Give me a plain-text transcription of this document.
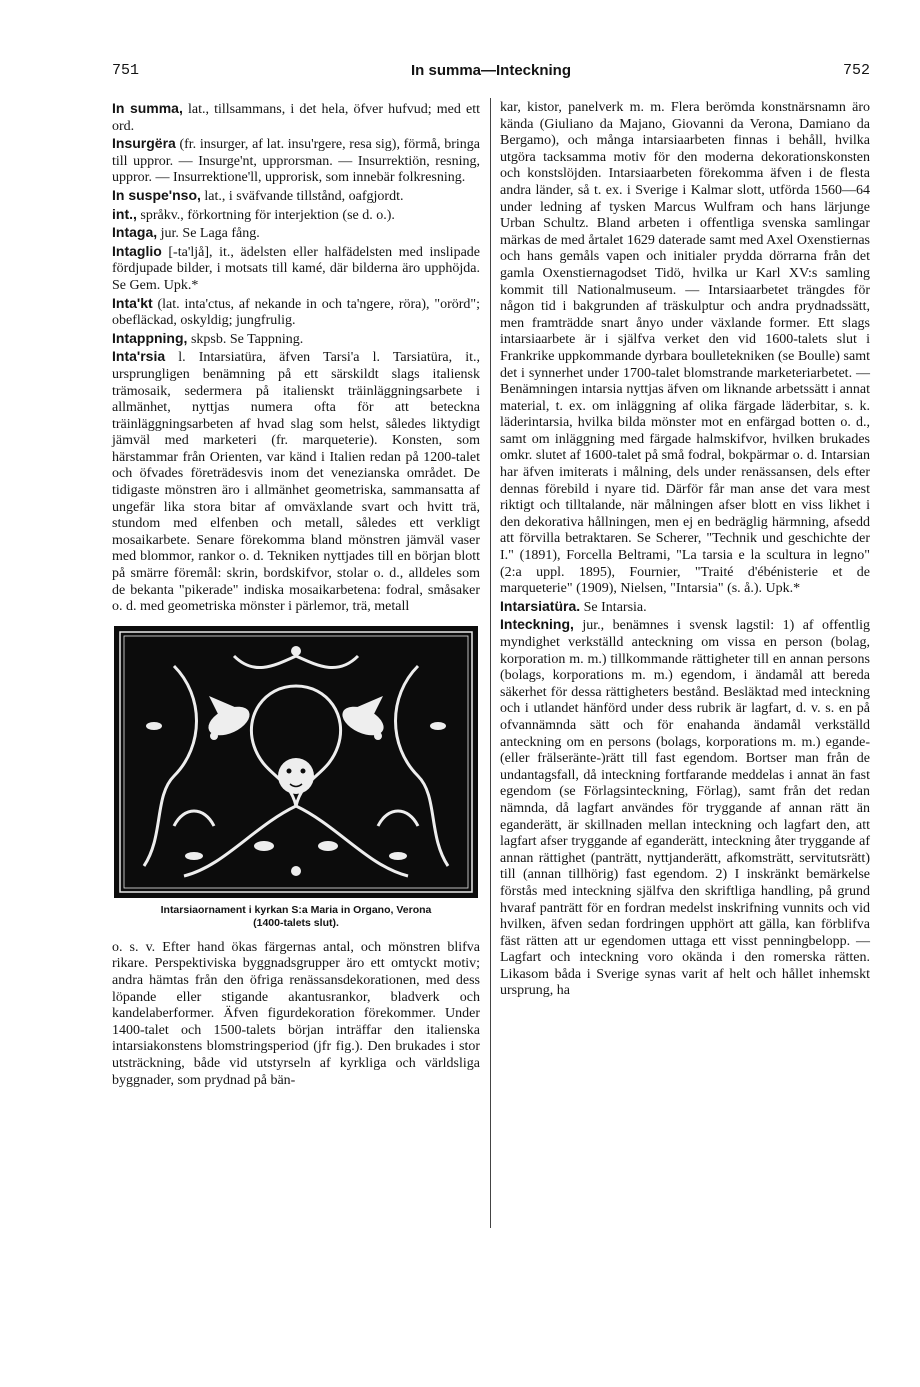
751	In summa—Inteckning	752

In summa, lat., tillsammans, i det hela, öfver hufvud; med ett ord.

Insurgëra (fr. insurger, af lat. insu'rgere, resa sig), förmå, bringa till uppror. — Insurge'nt, upprorsman. — Insurrektiön, resning, uppror. — Insurrektione'll, upprorisk, som innebär folkresning.

In suspe'nso, lat., i sväfvande tillstånd, oafgjordt.

int., språkv., förkortning för interjektion (se d. o.).

Intaga, jur. Se Laga fång.

Intaglio [-ta'ljå], it., ädelsten eller halfädelsten med inslipade fördjupade bilder, i motsats till kamé, där bilderna äro upphöjda. Se Gem. Upk.*

Inta'kt (lat. inta'ctus, af nekande in och ta'ngere, röra), "orörd"; obefläckad, oskyldig; jungfrulig.

Intappning, skpsb. Se Tappning.

Inta'rsia l. Intarsiatüra, äfven Tarsi'a l. Tarsiatüra, it., ursprungligen benämning på ett särskildt slags italiensk trämosaik, sedermera på italienskt träinläggningsarbete i allmänhet, nyttjas numera ofta för att beteckna träinläggningsarbeten af hvad slag som helst, således liktydigt jämväl med marketeri (fr. marqueterie). Konsten, som härstammar från Orienten, var känd i Italien redan på 1200-talet och öfvades företrädesvis inom det venezianska området. De tidigaste mönstren äro i allmänhet geometriska, sammansatta af ungefär lika stora bitar af omväxlande svart och hvitt trä, stundom med elfenben och metall, således ett verkligt mosaikarbete. Senare förekomma bland mönstren jämväl vaser med blommor, rankor o. d. Tekniken nyttjades till en början blott på smärre föremål: skrin, bordskifvor, stolar o. d., alldeles som de bekanta "pikerade" indiska mosaikarbetena: fodral, småsaker o. d. med geometriska mönster i pärlemor, trä, metall

Intarsiaornament i kyrkan S:a Maria in Organo, Verona
(1400-talets slut).

o. s. v. Efter hand ökas färgernas antal, och mönstren blifva rikare. Perspektiviska byggnadsgrupper äro ett omtyckt motiv; andra hämtas från den öfriga renässansdekorationen, med dess löpande eller stigande akantusrankor, bladverk och kandelaberformer. Äfven figurdekoration förekommer. Under 1400-talet och 1500-talets början inträffar den italienska intarsiakonstens blomstringsperiod (jfr fig.). Den brukades i stor utsträckning, både vid utstyrseln af kyrkliga och världsliga byggnader, som prydnad på bän-

kar, kistor, panelverk m. m. Flera berömda konstnärsnamn äro kända (Giuliano da Majano, Giovanni da Verona, Damiano da Bergamo), och många intarsiaarbeten finnas i behåll, hvilka utgöra tacksamma motiv för den moderna dekorationskonsten och konstslöjden. Intarsiaarbeten förekomma äfven i de flesta andra länder, så t. ex. i Sverige i Kalmar slott, utförda 1560—64 under ledning af tysken Marcus Wulfram och hans lärjunge Urban Schultz. Bland arbeten i offentliga svenska samlingar märkas de med årtalet 1629 daterade samt med Axel Oxenstiernas och hans gemåls vapen och initialer prydda dörrarna från det gamla Oxenstiernagodset Tidö, hvilka ur Karl XV:s samling kommit till Nationalmuseum. — Intarsiaarbetet trängdes för någon tid i bakgrunden af träskulptur och andra prydnadssätt, men framträdde snart ånyo under växlande former. Ett slags intarsiaarbete är i själfva verket den vid 1600-talets slut i Frankrike uppkommande dyrbara boulletekniken (se Boulle) samt det i synnerhet under 1700-talet blomstrande marketeriarbetet. — Benämningen intarsia nyttjas äfven om liknande arbetssätt i annat material, t. ex. om inläggning af olika färgade läderbitar, s. k. läderintarsia, hvilka bilda mönster mot en enfärgad botten o. d., samt om inläggning med färgade halmskifvor, hvilken brukades omkr. slutet af 1600-talet på små fodral, bokpärmar o. d. Intarsian har äfven imiterats i målning, dels under renässansen, dels efter dennas förebild i nyare tid. Därför får man anse det vara mest riktigt och tilltalande, när målningen afser blott en viss likhet i den dekorativa hållningen, men ej en bedräglig härmning, afsedd att förvilla betraktaren. Se Scherer, "Technik und geschichte der I." (1891), Forcella Beltrami, "La tarsia e la scultura in legno" (2:a uppl. 1895), Fournier, "Traité d'ébénisterie et de marqueterie" (1909), Nielsen, "Intarsia" (s. å.). Upk.*

Intarsiatüra. Se Intarsia.

Inteckning, jur., benämnes i svensk lagstil: 1) af offentlig myndighet verkställd anteckning om vissa en person (bolag, korporation m. m.) tillkommande rättigheter till en annan persons (bolags, korporations m. m.) egendom, i ändamål att bereda säkerhet för dessa rättigheters bestånd. Besläktad med inteckning och i utlandet hänförd under dess rubrik är lagfart, d. v. s. en på ofvannämnda sätt och för enahanda ändamål verkställd anteckning om en persons (bolags, korporations m. m.) egande-(eller frälseränte-)rätt till fast egendom. Bortser man från de undantagsfall, då inteckning fortfarande meddelas i annat än fast egendom (se Förlagsinteckning, Förlag), samt från det redan nämnda, då lagfart användes för tryggande af annan rätt än eganderätt, är skillnaden mellan inteckning och lagfart den, att lagfart afser tryggande af eganderätt, inteckning åter tryggande af annan rättighet (panträtt, nyttjanderätt, afkomsträtt, servitutsrätt) till (annan tillhörig) fast egendom. 2) I inskränkt bemärkelse förstås med inteckning själfva den skriftliga handling, på grund hvaraf panträtt för en fordran medelst inskrifning vunnits och vid hvilken, äfven sedan fordringen upphört att gälla, kan förblifva fäst rätten att ur egendomen uttaga ett visst penningbelopp. — Lagfart och inteckning voro okända i den romerska rätten. Likasom båda i Sverige synas varit af helt och hållet inhemskt ursprung, ha
